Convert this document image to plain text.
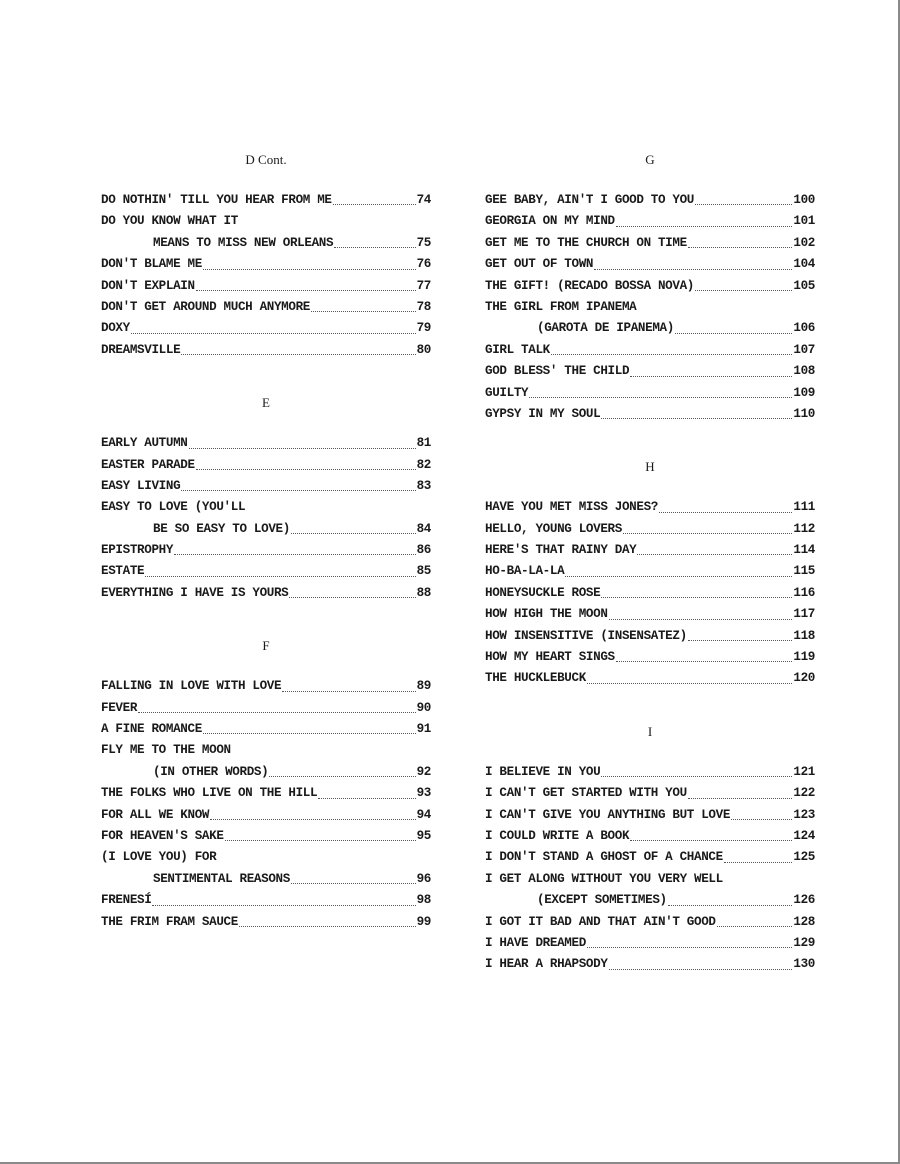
D Cont.
DO NOTHIN' TILL YOU HEAR FROM ME	74
DO YOU KNOW WHAT IT
MEANS TO MISS NEW ORLEANS	75
DON'T BLAME ME	76
DON'T EXPLAIN	77
DON'T GET AROUND MUCH ANYMORE	78
DOXY	79
DREAMSVILLE	80
E
EARLY AUTUMN	81
EASTER PARADE	82
EASY LIVING	83
EASY TO LOVE (YOU'LL
BE SO EASY TO LOVE)	84
EPISTROPHY	86
ESTATE	85
EVERYTHING I HAVE IS YOURS	88
F
FALLING IN LOVE WITH LOVE	89
FEVER	90
A FINE ROMANCE	91
FLY ME TO THE MOON
(IN OTHER WORDS)	92
THE FOLKS WHO LIVE ON THE HILL	93
FOR ALL WE KNOW	94
FOR HEAVEN'S SAKE	95
(I LOVE YOU) FOR
SENTIMENTAL REASONS	96
FRENESÍ	98
THE FRIM FRAM SAUCE	99
G
GEE BABY, AIN'T I GOOD TO YOU	100
GEORGIA ON MY MIND	101
GET ME TO THE CHURCH ON TIME	102
GET OUT OF TOWN	104
THE GIFT! (RECADO BOSSA NOVA)	105
THE GIRL FROM IPANEMA
(GAROTA DE IPANEMA)	106
GIRL TALK	107
GOD BLESS' THE CHILD	108
GUILTY	109
GYPSY IN MY SOUL	110
H
HAVE YOU MET MISS JONES?	111
HELLO, YOUNG LOVERS	112
HERE'S THAT RAINY DAY	114
HO-BA-LA-LA	115
HONEYSUCKLE ROSE	116
HOW HIGH THE MOON	117
HOW INSENSITIVE (INSENSATEZ)	118
HOW MY HEART SINGS	119
THE HUCKLEBUCK	120
I
I BELIEVE IN YOU	121
I CAN'T GET STARTED WITH YOU	122
I CAN'T GIVE YOU ANYTHING BUT LOVE	123
I COULD WRITE A BOOK	124
I DON'T STAND A GHOST OF A CHANCE	125
I GET ALONG WITHOUT YOU VERY WELL
(EXCEPT SOMETIMES)	126
I GOT IT BAD AND THAT AIN'T GOOD	128
I HAVE DREAMED	129
I HEAR A RHAPSODY	130
